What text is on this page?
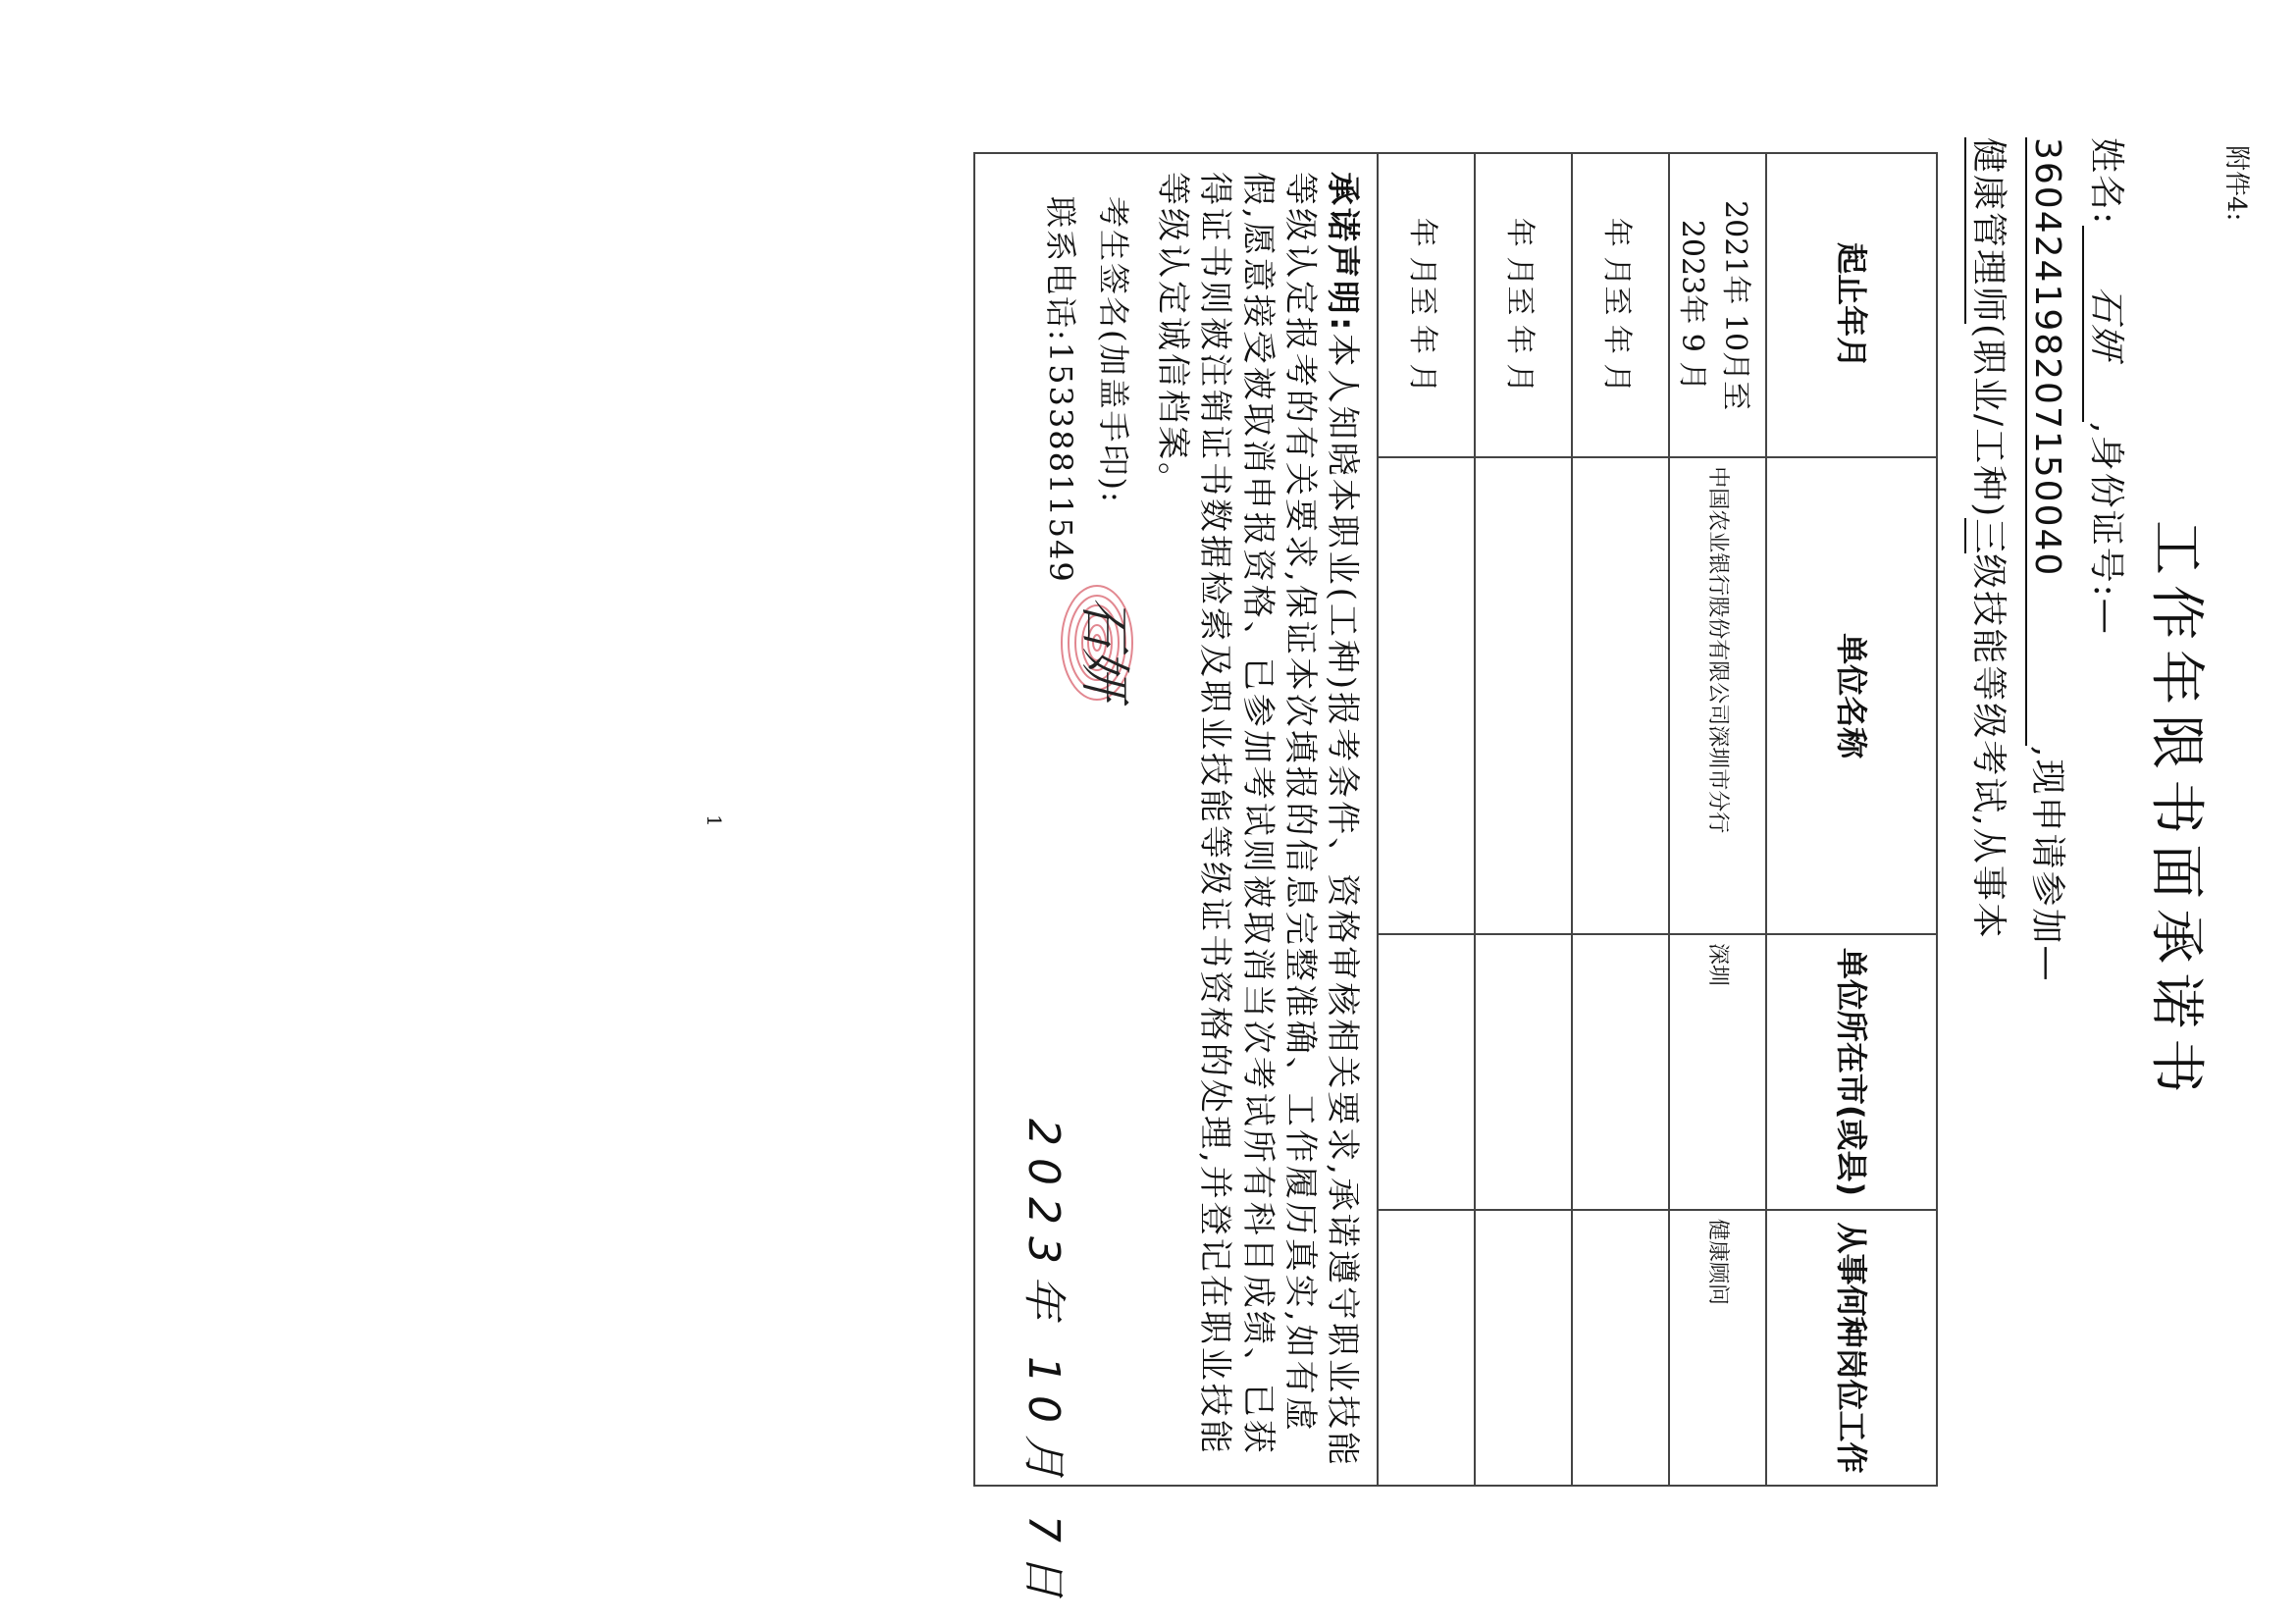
附件4:
工作年限书面承诺书
姓名:石妍,身份证号:—
360424198207150040,现申请参加—
健康管理师(职业/工种)三级技能等级考试,从事本
起止年月	单位名称	单位所在市(或县)	从事何种岗位工作

2021年 10月至
2023年 9 月	中国农业银行股份有限公司深圳市分行	深圳	健康顾问
年 月至 年 月			
年 月至 年 月			
年 月至 年 月			
承诺声明:本人知晓本职业(工种)报考条件、资格审核相关要求,承诺遵守职业技能等级认定报考的有关要求,保证本次填报的信息完整准确、工作履历真实,如有虚假,愿意接受被取消申报资格、已参加考试则被取消当次考试所有科目成绩、已获得证书则被注销证书数据检索及职业技能等级证书资格的处理,并登记在职业技能等级认定诚信档案。			
考生签名(加盖手印):
石妍
联系电话:15338811549
2023年 10月 7日
1
